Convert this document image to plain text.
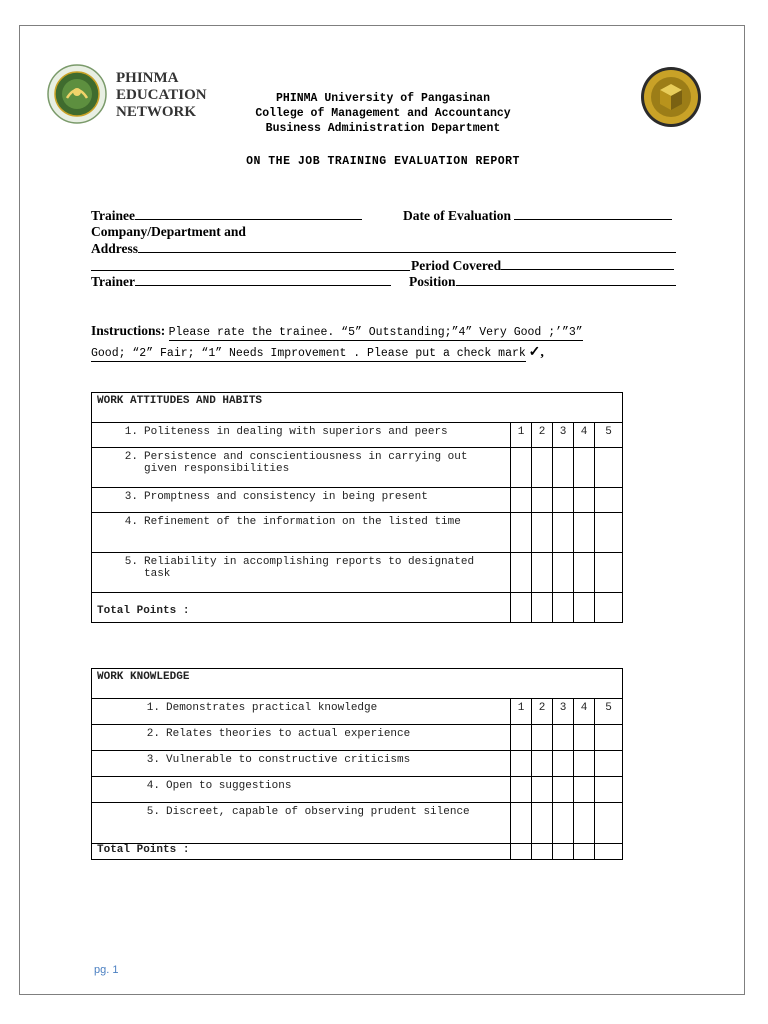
PHINMA
EDUCATION
NETWORK
PHINMA University of Pangasinan
College of Management and Accountancy
Business Administration Department
ON THE JOB TRAINING EVALUATION REPORT
Trainee	Date of Evaluation
Company/Department and
Address
Period Covered
Trainer	Position
Instructions: Please rate the trainee. “5” Outstanding;”4” Very Good ;’”3”
Good; “2” Fair; “1” Needs Improvement . Please put a check mark ✓,
WORK ATTITUDES AND HABITS					

1. Politeness in dealing with superiors and peers	1	2	3	4	5

2. Persistence and conscientiousness in carrying out given responsibilities					

3. Promptness and consistency in being present					

4. Refinement of the information on the listed time					

5. Reliability in accomplishing reports to designated task					

Total Points :					
WORK KNOWLEDGE					

1. Demonstrates practical knowledge	1	2	3	4	5

2. Relates theories to actual experience					

3. Vulnerable to constructive criticisms					

4. Open to suggestions					

5. Discreet, capable of observing prudent silence					

Total Points :					
pg. 1
